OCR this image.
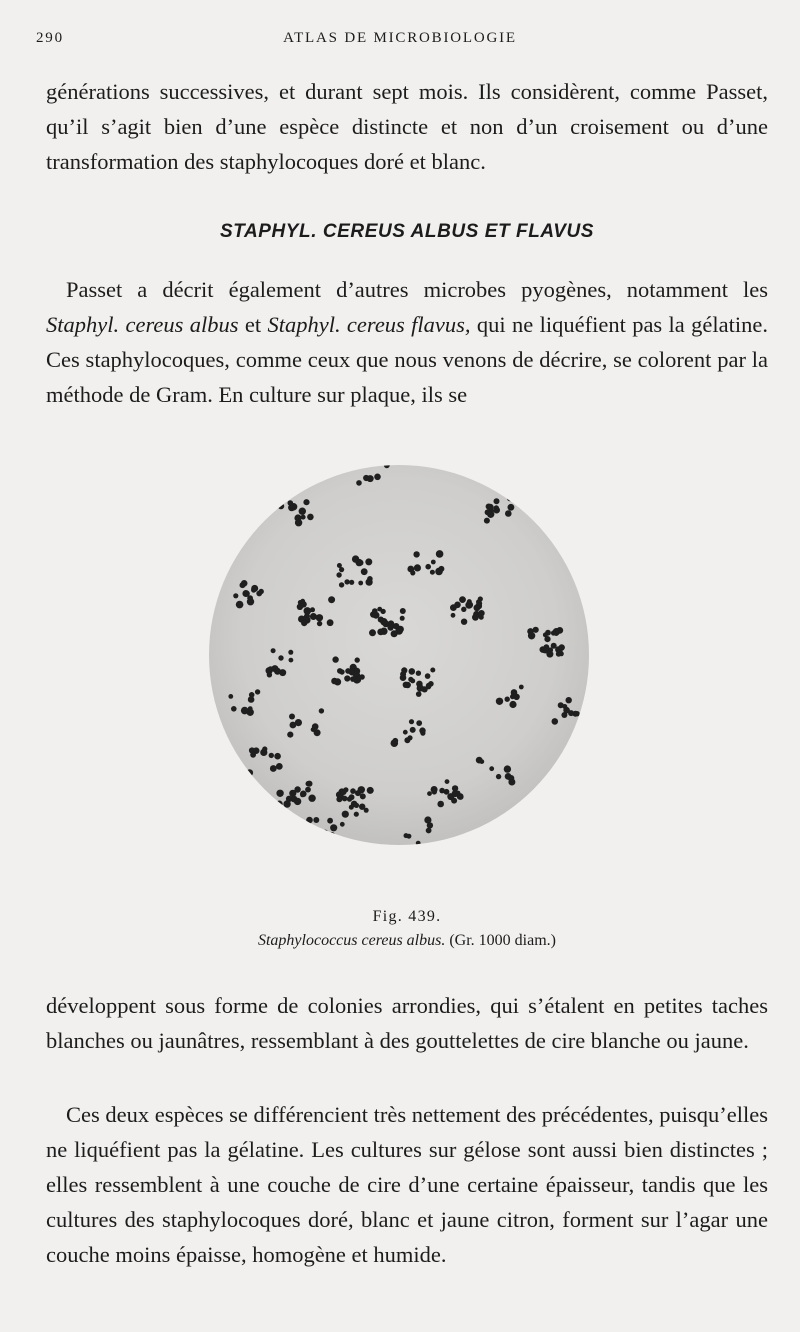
290	ATLAS DE MICROBIOLOGIE

générations successives, et durant sept mois. Ils considèrent, comme Passet, qu’il s’agit bien d’une espèce distincte et non d’un croisement ou d’une transformation des staphylocoques doré et blanc.

STAPHYL. CEREUS ALBUS ET FLAVUS

Passet a décrit également d’autres microbes pyogènes, notamment les Staphyl. cereus albus et Staphyl. cereus flavus, qui ne liquéfient pas la gélatine. Ces staphylocoques, comme ceux que nous venons de décrire, se colorent par la méthode de Gram. En culture sur plaque, ils se

Fig. 439.
Staphylococcus cereus albus. (Gr. 1000 diam.)

développent sous forme de colonies arrondies, qui s’étalent en petites taches blanches ou jaunâtres, ressemblant à des gouttelettes de cire blanche ou jaune.

Ces deux espèces se différencient très nettement des précédentes, puisqu’elles ne liquéfient pas la gélatine. Les cultures sur gélose sont aussi bien distinctes ; elles ressemblent à une couche de cire d’une certaine épaisseur, tandis que les cultures des staphylocoques doré, blanc et jaune citron, forment sur l’agar une couche moins épaisse, homogène et humide.
